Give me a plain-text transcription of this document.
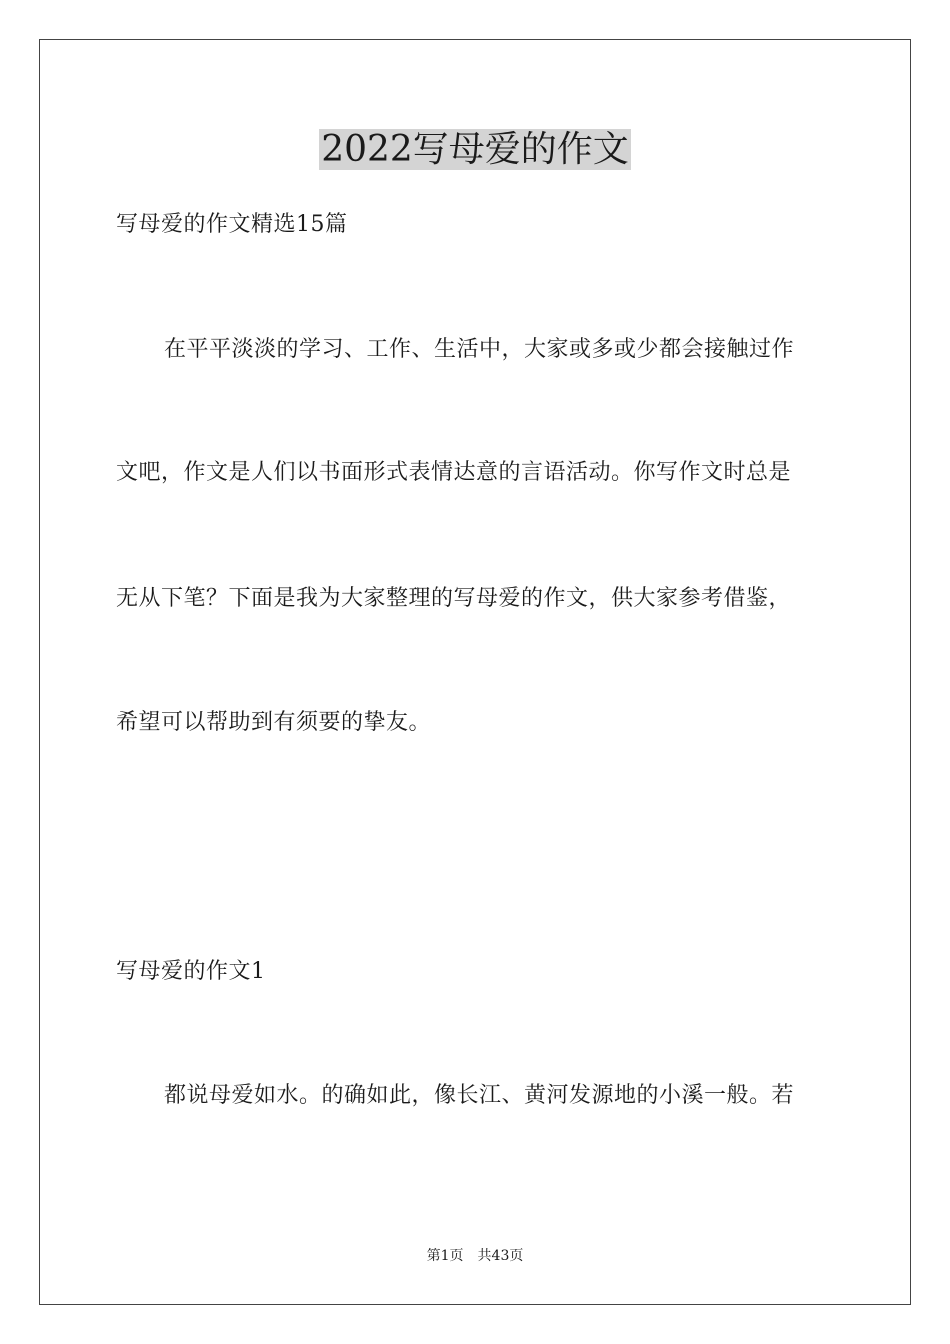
2022写母爱的作文

写母爱的作文精选15篇

在平平淡淡的学习、工作、生活中，大家或多或少都会接触过作

文吧，作文是人们以书面形式表情达意的言语活动。你写作文时总是

无从下笔？下面是我为大家整理的写母爱的作文，供大家参考借鉴，

希望可以帮助到有须要的挚友。

写母爱的作文1

都说母爱如水。的确如此，像长江、黄河发源地的小溪一般。若

第1页 共43页
